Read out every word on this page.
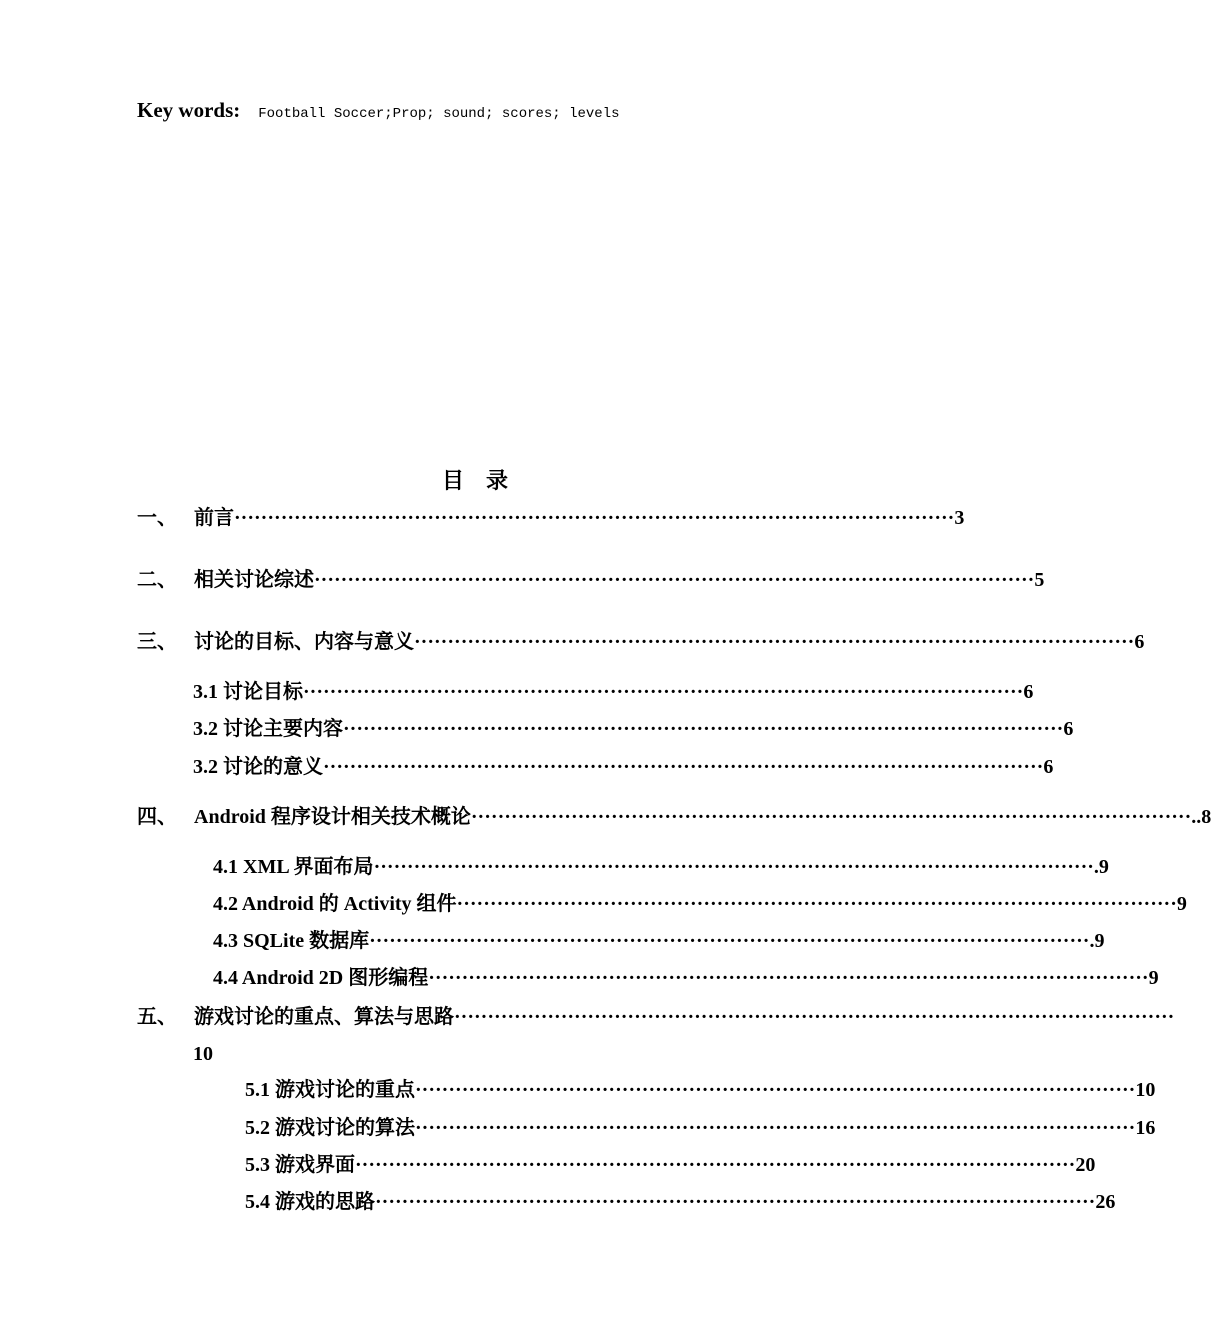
Key words: Football Soccer;Prop; sound; scores; levels
目    录
一、 前言 ············································································································ 3
二、 相关讨论综述 ············································································································ 5
三、 讨论的目标、内容与意义 ············································································································ 6
3.1 讨论目标 ············································································································ 6
3.2 讨论主要内容 ············································································································ 6
3.2 讨论的意义 ············································································································ 6
四、 Android 程序设计相关技术概论 ············································································································ ..8
4.1 XML 界面布局 ············································································································ .9
4.2 Android 的 Activity 组件 ············································································································ 9
4.3 SQLite 数据库 ············································································································ .9
4.4 Android 2D 图形编程 ············································································································ 9
五、 游戏讨论的重点、算法与思路 ············································································································
10
5.1 游戏讨论的重点 ············································································································ 10
5.2 游戏讨论的算法 ············································································································ 16
5.3 游戏界面 ············································································································ 20
5.4 游戏的思路 ············································································································ 26
